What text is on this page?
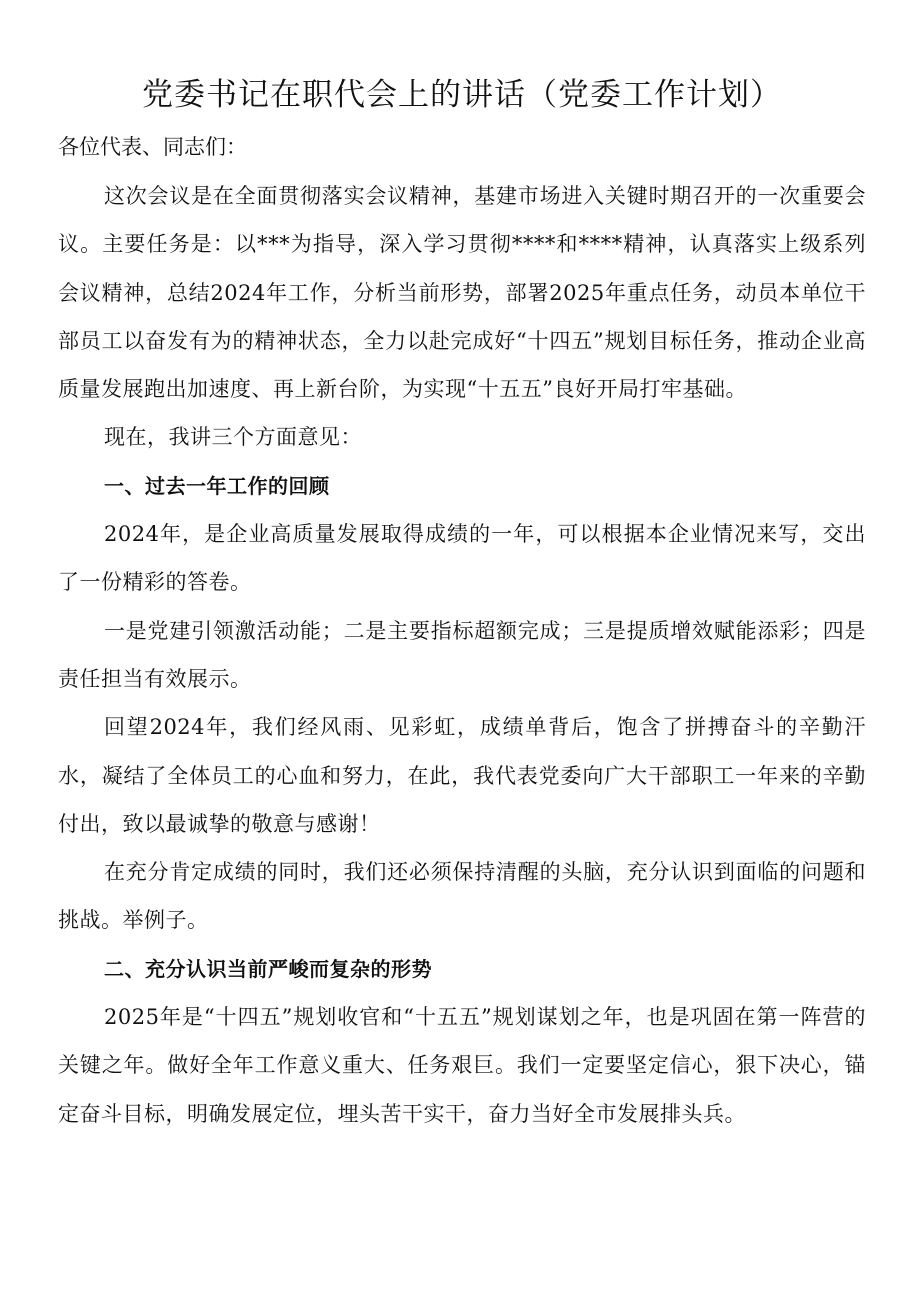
党委书记在职代会上的讲话（党委工作计划）

各位代表、同志们：

这次会议是在全面贯彻落实会议精神，基建市场进入关键时期召开的一次重要会议。主要任务是：以***为指导，深入学习贯彻****和****精神，认真落实上级系列会议精神，总结2024年工作，分析当前形势，部署2025年重点任务，动员本单位干部员工以奋发有为的精神状态，全力以赴完成好“十四五”规划目标任务，推动企业高质量发展跑出加速度、再上新台阶，为实现“十五五”良好开局打牢基础。

现在，我讲三个方面意见：

一、过去一年工作的回顾

2024年，是企业高质量发展取得成绩的一年，可以根据本企业情况来写，交出了一份精彩的答卷。

一是党建引领激活动能；二是主要指标超额完成；三是提质增效赋能添彩；四是责任担当有效展示。

回望2024年，我们经风雨、见彩虹，成绩单背后，饱含了拼搏奋斗的辛勤汗水，凝结了全体员工的心血和努力，在此，我代表党委向广大干部职工一年来的辛勤付出，致以最诚挚的敬意与感谢！

在充分肯定成绩的同时，我们还必须保持清醒的头脑，充分认识到面临的问题和挑战。举例子。

二、充分认识当前严峻而复杂的形势

2025年是“十四五”规划收官和“十五五”规划谋划之年，也是巩固在第一阵营的关键之年。做好全年工作意义重大、任务艰巨。我们一定要坚定信心，狠下决心，锚定奋斗目标，明确发展定位，埋头苦干实干，奋力当好全市发展排头兵。
